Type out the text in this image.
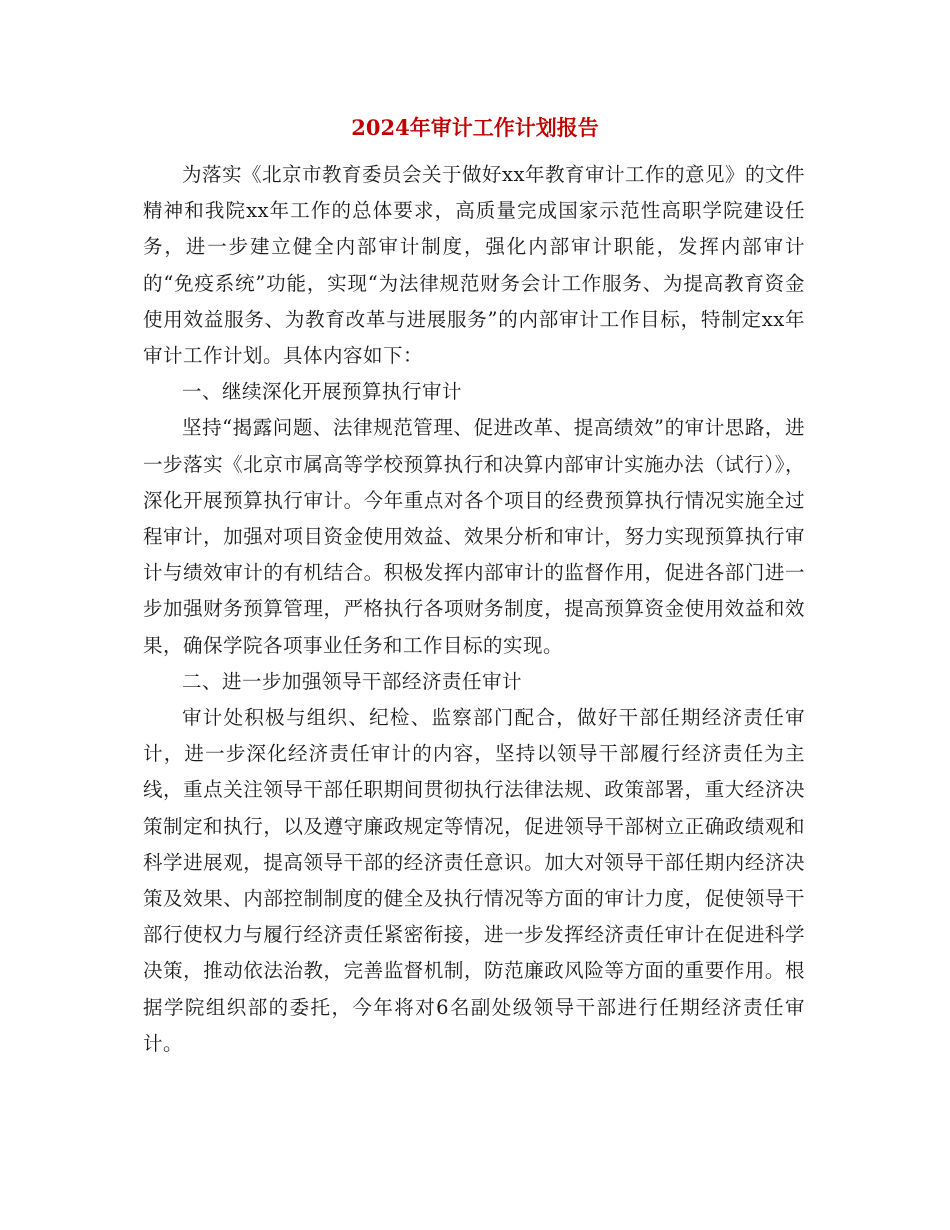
2024年审计工作计划报告

为落实《北京市教育委员会关于做好xx年教育审计工作的意见》的文件精神和我院xx年工作的总体要求，高质量完成国家示范性高职学院建设任务，进一步建立健全内部审计制度，强化内部审计职能，发挥内部审计的“免疫系统”功能，实现“为法律规范财务会计工作服务、为提高教育资金使用效益服务、为教育改革与进展服务”的内部审计工作目标，特制定xx年审计工作计划。具体内容如下：

一、继续深化开展预算执行审计

坚持“揭露问题、法律规范管理、促进改革、提高绩效”的审计思路，进一步落实《北京市属高等学校预算执行和决算内部审计实施办法（试行）》，深化开展预算执行审计。今年重点对各个项目的经费预算执行情况实施全过程审计，加强对项目资金使用效益、效果分析和审计，努力实现预算执行审计与绩效审计的有机结合。积极发挥内部审计的监督作用，促进各部门进一步加强财务预算管理，严格执行各项财务制度，提高预算资金使用效益和效果，确保学院各项事业任务和工作目标的实现。

二、进一步加强领导干部经济责任审计

审计处积极与组织、纪检、监察部门配合，做好干部任期经济责任审计，进一步深化经济责任审计的内容，坚持以领导干部履行经济责任为主线，重点关注领导干部任职期间贯彻执行法律法规、政策部署，重大经济决策制定和执行，以及遵守廉政规定等情况，促进领导干部树立正确政绩观和科学进展观，提高领导干部的经济责任意识。加大对领导干部任期内经济决策及效果、内部控制制度的健全及执行情况等方面的审计力度，促使领导干部行使权力与履行经济责任紧密衔接，进一步发挥经济责任审计在促进科学决策，推动依法治教，完善监督机制，防范廉政风险等方面的重要作用。根据学院组织部的委托，今年将对6名副处级领导干部进行任期经济责任审计。
